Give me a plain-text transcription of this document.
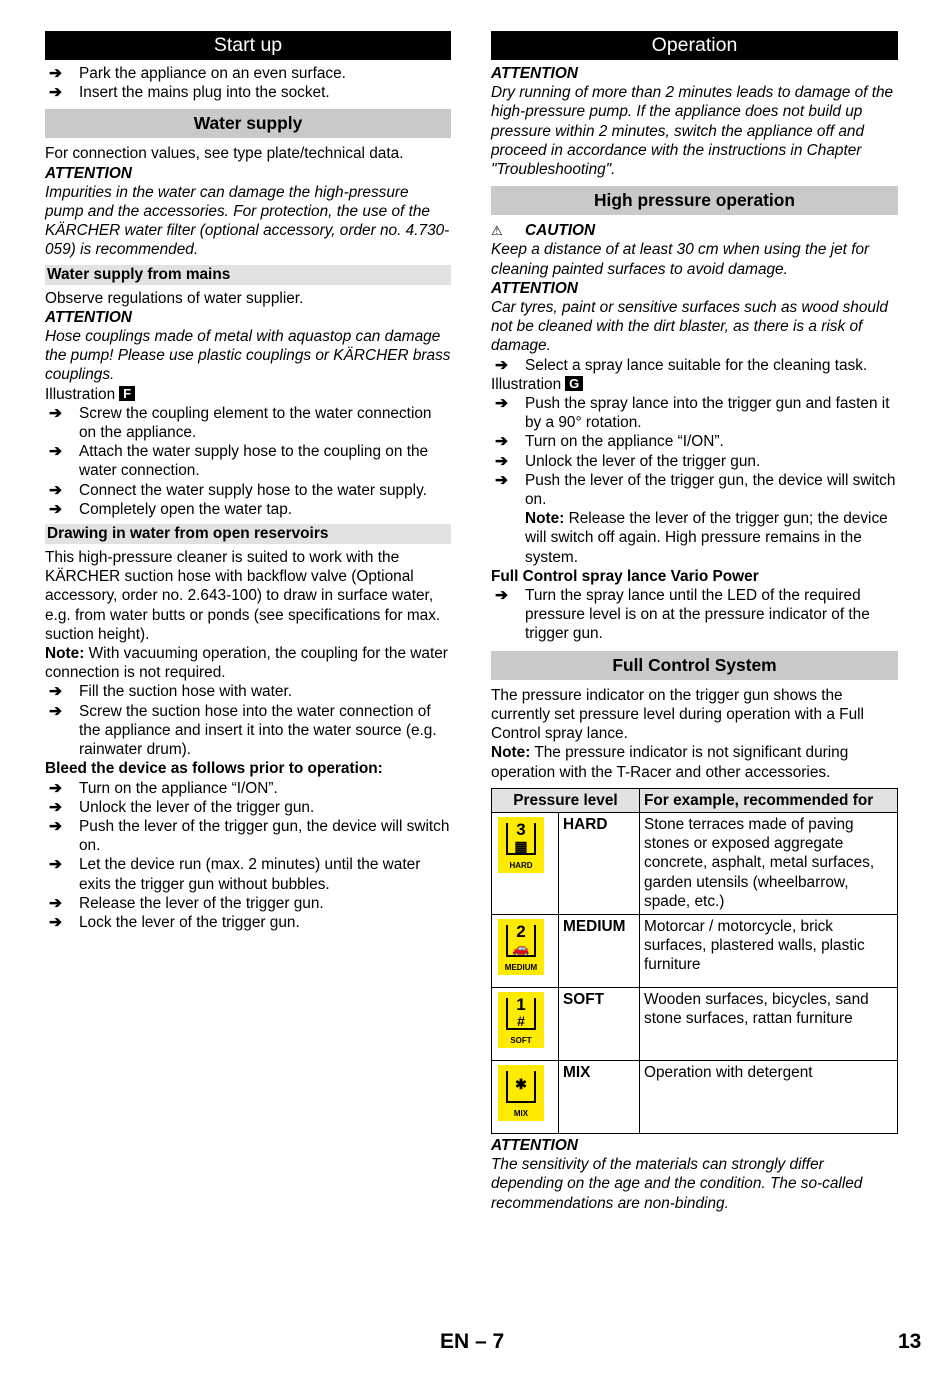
Start up
➔	Park the appliance on an even surface.
➔	Insert the mains plug into the socket.
Water supply

For connection values, see type plate/technical data.

ATTENTION

Impurities in the water can damage the high-pressure pump and the accessories. For protection, the use of the KÄRCHER water filter (optional accessory, order no. 4.730-059) is recommended.

Water supply from mains

Observe regulations of water supplier.

ATTENTION

Hose couplings made of metal with aquastop can damage the pump! Please use plastic couplings or KÄRCHER brass couplings.

Illustration F

➔	Screw the coupling element to the water connection on the appliance.
➔	Attach the water supply hose to the coupling on the water connection.
➔	Connect the water supply hose to the water supply.
➔	Completely open the water tap.
Drawing in water from open reservoirs

This high-pressure cleaner is suited to work with the KÄRCHER suction hose with backflow valve (Optional accessory, order no. 2.643-100) to draw in surface water, e.g. from water butts or ponds (see specifications for max. suction height).

Note: With vacuuming operation, the coupling for the water connection is not required.

➔	Fill the suction hose with water.
➔	Screw the suction hose into the water connection of the appliance and insert it into the water source (e.g. rainwater drum).

Bleed the device as follows prior to operation:

➔	Turn on the appliance “I/ON”.
➔	Unlock the lever of the trigger gun.
➔	Push the lever of the trigger gun, the device will switch on.
➔	Let the device run (max. 2 minutes) until the water exits the trigger gun without bubbles.
➔	Release the lever of the trigger gun.
➔	Lock the lever of the trigger gun.
Operation

ATTENTION

Dry running of more than 2 minutes leads to damage of the high-pressure pump. If the appliance does not build up pressure within 2 minutes, switch the appliance off and proceed in accordance with the instructions in Chapter "Troubleshooting".

High pressure operation
⚠	CAUTION

Keep a distance of at least 30 cm when using the jet for cleaning painted surfaces to avoid damage.

ATTENTION

Car tyres, paint or sensitive surfaces such as wood should not be cleaned with the dirt blaster, as there is a risk of damage.

➔	Select a spray lance suitable for the cleaning task.

Illustration G

➔	Push the spray lance into the trigger gun and fasten it by a 90° rotation.
➔	Turn on the appliance “I/ON”.
➔	Unlock the lever of the trigger gun.
➔	Push the lever of the trigger gun, the device will switch on.

Note: Release the lever of the trigger gun; the device will switch off again. High pressure remains in the system.

Full Control spray lance Vario Power

➔	Turn the spray lance until the LED of the required pressure level is on at the pressure indicator of the trigger gun.
Full Control System

The pressure indicator on the trigger gun shows the currently set pressure level during operation with a Full Control spray lance.

Note: The pressure indicator is not significant during operation with the T-Racer and other accessories.

Pressure level		For example, recommended for

3
▦
HARD	HARD	Stone terraces made of paving stones or exposed aggregate concrete, asphalt, metal surfaces, garden utensils (wheelbarrow, spade, etc.)

2
🚗
MEDIUM	MEDIUM	Motorcar / motorcycle, brick surfaces, plastered walls, plastic furniture

1
#
SOFT	SOFT	Wooden surfaces, bicycles, sand stone surfaces, rattan furniture

✱
MIX	MIX	Operation with detergent

ATTENTION

The sensitivity of the materials can strongly differ depending on the age and the condition. The so-called recommendations are non-binding.

EN – 7	13
